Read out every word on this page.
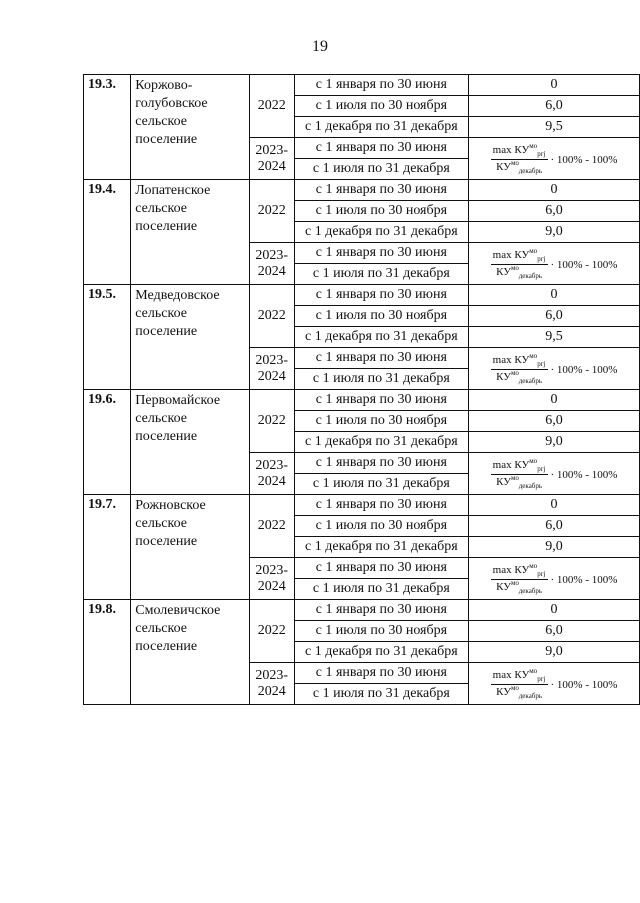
19
19.3.	Коржово-голубовское сельское поселение	2022	с 1 января по 30 июня	0
			с 1 июля по 30 ноября	6,0
			с 1 декабря по 31 декабря	9,5
		2023-2024	с 1 января по 30 июня	$\frac{\max КУ^{мо}_{ргj}}{КУ^{мо}_{декабрь}} \cdot 100\% - 100\%$

			с 1 июля по 31 декабря	
19.4.	Лопатенское сельское поселение	2022	с 1 января по 30 июня	0
			с 1 июля по 30 ноября	6,0
			с 1 декабря по 31 декабря	9,0
		2023-2024	с 1 января по 30 июня	$\frac{\max КУ^{мо}_{ргj}}{КУ^{мо}_{декабрь}} \cdot 100\% - 100\%$

			с 1 июля по 31 декабря	
19.5.	Медведовское сельское поселение	2022	с 1 января по 30 июня	0
			с 1 июля по 30 ноября	6,0
			с 1 декабря по 31 декабря	9,5
		2023-2024	с 1 января по 30 июня	$\frac{\max КУ^{мо}_{ргj}}{КУ^{мо}_{декабрь}} \cdot 100\% - 100\%$

			с 1 июля по 31 декабря	
19.6.	Первомайское сельское поселение	2022	с 1 января по 30 июня	0
			с 1 июля по 30 ноября	6,0
			с 1 декабря по 31 декабря	9,0
		2023-2024	с 1 января по 30 июня	$\frac{\max КУ^{мо}_{ргj}}{КУ^{мо}_{декабрь}} \cdot 100\% - 100\%$

			с 1 июля по 31 декабря	
19.7.	Рожновское сельское поселение	2022	с 1 января по 30 июня	0
			с 1 июля по 30 ноября	6,0
			с 1 декабря по 31 декабря	9,0
		2023-2024	с 1 января по 30 июня	$\frac{\max КУ^{мо}_{ргj}}{КУ^{мо}_{декабрь}} \cdot 100\% - 100\%$

			с 1 июля по 31 декабря	
19.8.	Смолевичское сельское поселение	2022	с 1 января по 30 июня	0
			с 1 июля по 30 ноября	6,0
			с 1 декабря по 31 декабря	9,0
		2023-2024	с 1 января по 30 июня	$\frac{\max КУ^{мо}_{ргj}}{КУ^{мо}_{декабрь}} \cdot 100\% - 100\%$

			с 1 июля по 31 декабря	
